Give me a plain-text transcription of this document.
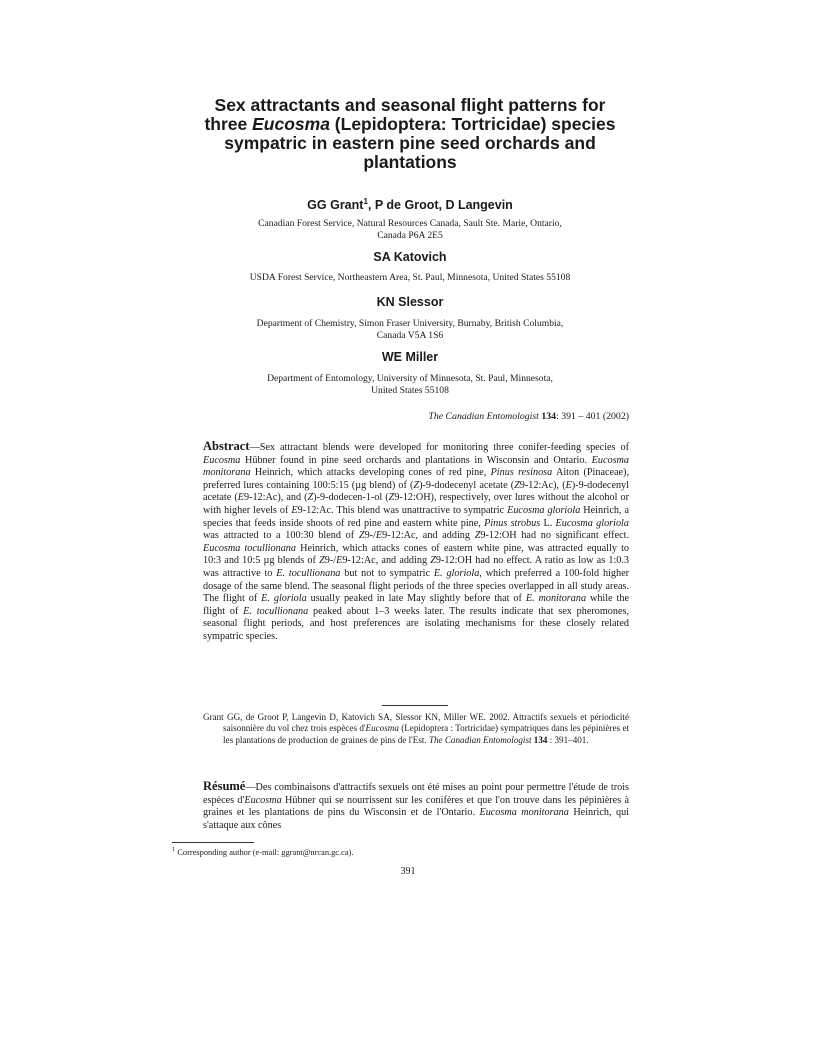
Sex attractants and seasonal flight patterns for
three Eucosma (Lepidoptera: Tortricidae) species
sympatric in eastern pine seed orchards and
plantations

GG Grant$^1$, P de Groot, D Langevin

Canadian Forest Service, Natural Resources Canada, Sault Ste. Marie, Ontario,
Canada P6A 2E5

SA Katovich

USDA Forest Service, Northeastern Area, St. Paul, Minnesota, United States 55108

KN Slessor

Department of Chemistry, Simon Fraser University, Burnaby, British Columbia,
Canada V5A 1S6

WE Miller

Department of Entomology, University of Minnesota, St. Paul, Minnesota,
United States 55108

The Canadian Entomologist 134: 391 – 401 (2002)

Abstract—Sex attractant blends were developed for monitoring three conifer-feeding species of Eucosma Hübner found in pine seed orchards and plantations in Wisconsin and Ontario. Eucosma monitorana Heinrich, which attacks developing cones of red pine, Pinus resinosa Aiton (Pinaceae), preferred lures containing 100:5:15 (µg blend) of (Z)-9-dodecenyl acetate (Z9-12:Ac), (E)-9-dodecenyl acetate (E9-12:Ac), and (Z)-9-dodecen-1-ol (Z9-12:OH), respectively, over lures without the alcohol or with higher levels of E9-12:Ac. This blend was unattractive to sympatric Eucosma gloriola Heinrich, a species that feeds inside shoots of red pine and eastern white pine, Pinus strobus L. Eucosma gloriola was attracted to a 100:30 blend of Z9-/E9-12:Ac, and adding Z9-12:OH had no significant effect. Eucosma tocullionana Heinrich, which attacks cones of eastern white pine, was attracted equally to 10:3 and 10:5 µg blends of Z9-/E9-12:Ac, and adding Z9-12:OH had no effect. A ratio as low as 1:0.3 was attractive to E. tocullionana but not to sympatric E. gloriola, which preferred a 100-fold higher dosage of the same blend. The seasonal flight periods of the three species overlapped in all study areas. The flight of E. gloriola usually peaked in late May slightly before that of E. monitorana while the flight of E. tocullionana peaked about 1–3 weeks later. The results indicate that sex pheromones, seasonal flight periods, and host preferences are isolating mechanisms for these closely related sympatric species.

Grant GG, de Groot P, Langevin D, Katovich SA, Slessor KN, Miller WE. 2002. Attractifs sexuels et périodicité saisonnière du vol chez trois espèces d'Eucosma (Lepidoptera : Tortricidae) sympatriques dans les pépinières et les plantations de production de graines de pins de l'Est. The Canadian Entomologist 134 : 391–401.

Résumé—Des combinaisons d'attractifs sexuels ont été mises au point pour permettre l'étude de trois espèces d'Eucosma Hübner qui se nourrissent sur les conifères et que l'on trouve dans les pépinières à graines et les plantations de pins du Wisconsin et de l'Ontario. Eucosma monitorana Heinrich, qui s'attaque aux cônes

$^1$ Corresponding author (e-mail: ggrant@nrcan.gc.ca).

391
